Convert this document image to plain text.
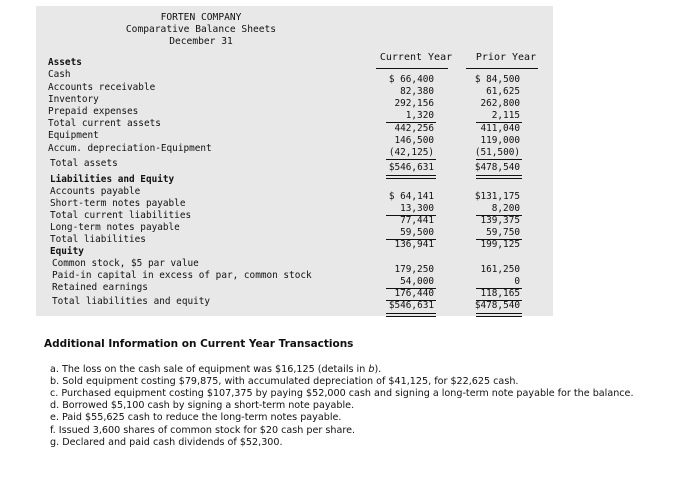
FORTEN COMPANY
Comparative Balance Sheets
December 31
Current Year	Prior Year
Assets
Cash
Accounts receivable
Inventory
Prepaid expenses
Total current assets
Equipment
Accum. depreciation-Equipment
Total assets
$ 66,400
82,380
292,156
1,320
442,256
146,500
(42,125)
$546,631
$ 84,500
61,625
262,800
2,115
411,040
119,000
(51,500)
$478,540
Liabilities and Equity
Accounts payable
Short-term notes payable
Total current liabilities
Long-term notes payable
Total liabilities
$ 64,141
13,300
77,441
59,500
136,941
$131,175
8,200
139,375
59,750
199,125
Equity
Common stock, $5 par value
Paid-in capital in excess of par, common stock
Retained earnings
Total liabilities and equity
179,250
54,000
176,440
$546,631
161,250
0
118,165
$478,540
Additional Information on Current Year Transactions
a. The loss on the cash sale of equipment was $16,125 (details in b).
b. Sold equipment costing $79,875, with accumulated depreciation of $41,125, for $22,625 cash.
c. Purchased equipment costing $107,375 by paying $52,000 cash and signing a long-term note payable for the balance.
d. Borrowed $5,100 cash by signing a short-term note payable.
e. Paid $55,625 cash to reduce the long-term notes payable.
f. Issued 3,600 shares of common stock for $20 cash per share.
g. Declared and paid cash dividends of $52,300.
